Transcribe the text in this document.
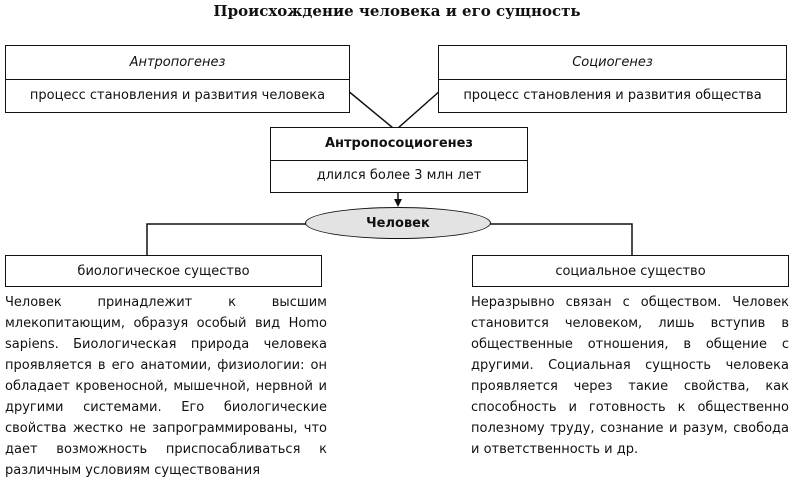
Происхождение человека и его сущность
Антропогенез
процесс становления и развития человека
Социогенез
процесс становления и развития общества
Антропосоциогенез
длился более 3 млн лет
Человек
биологическое существо	социальное существо
Человек принадлежит к высшим млекопитающим, образуя особый вид Homo sapiens. Биологическая природа человека проявляется в его анатомии, физиологии: он обладает кровеносной, мышечной, нервной и другими системами. Его биологические свойства жестко не запрограммированы, что дает возможность приспосабливаться к различным условиям существования
Неразрывно связан с обществом. Человек становится человеком, лишь вступив в общественные отношения, в общение с другими. Социальная сущность человека проявляется через такие свойства, как способность и готовность к общественно полезному труду, сознание и разум, свобода и ответственность и др.
